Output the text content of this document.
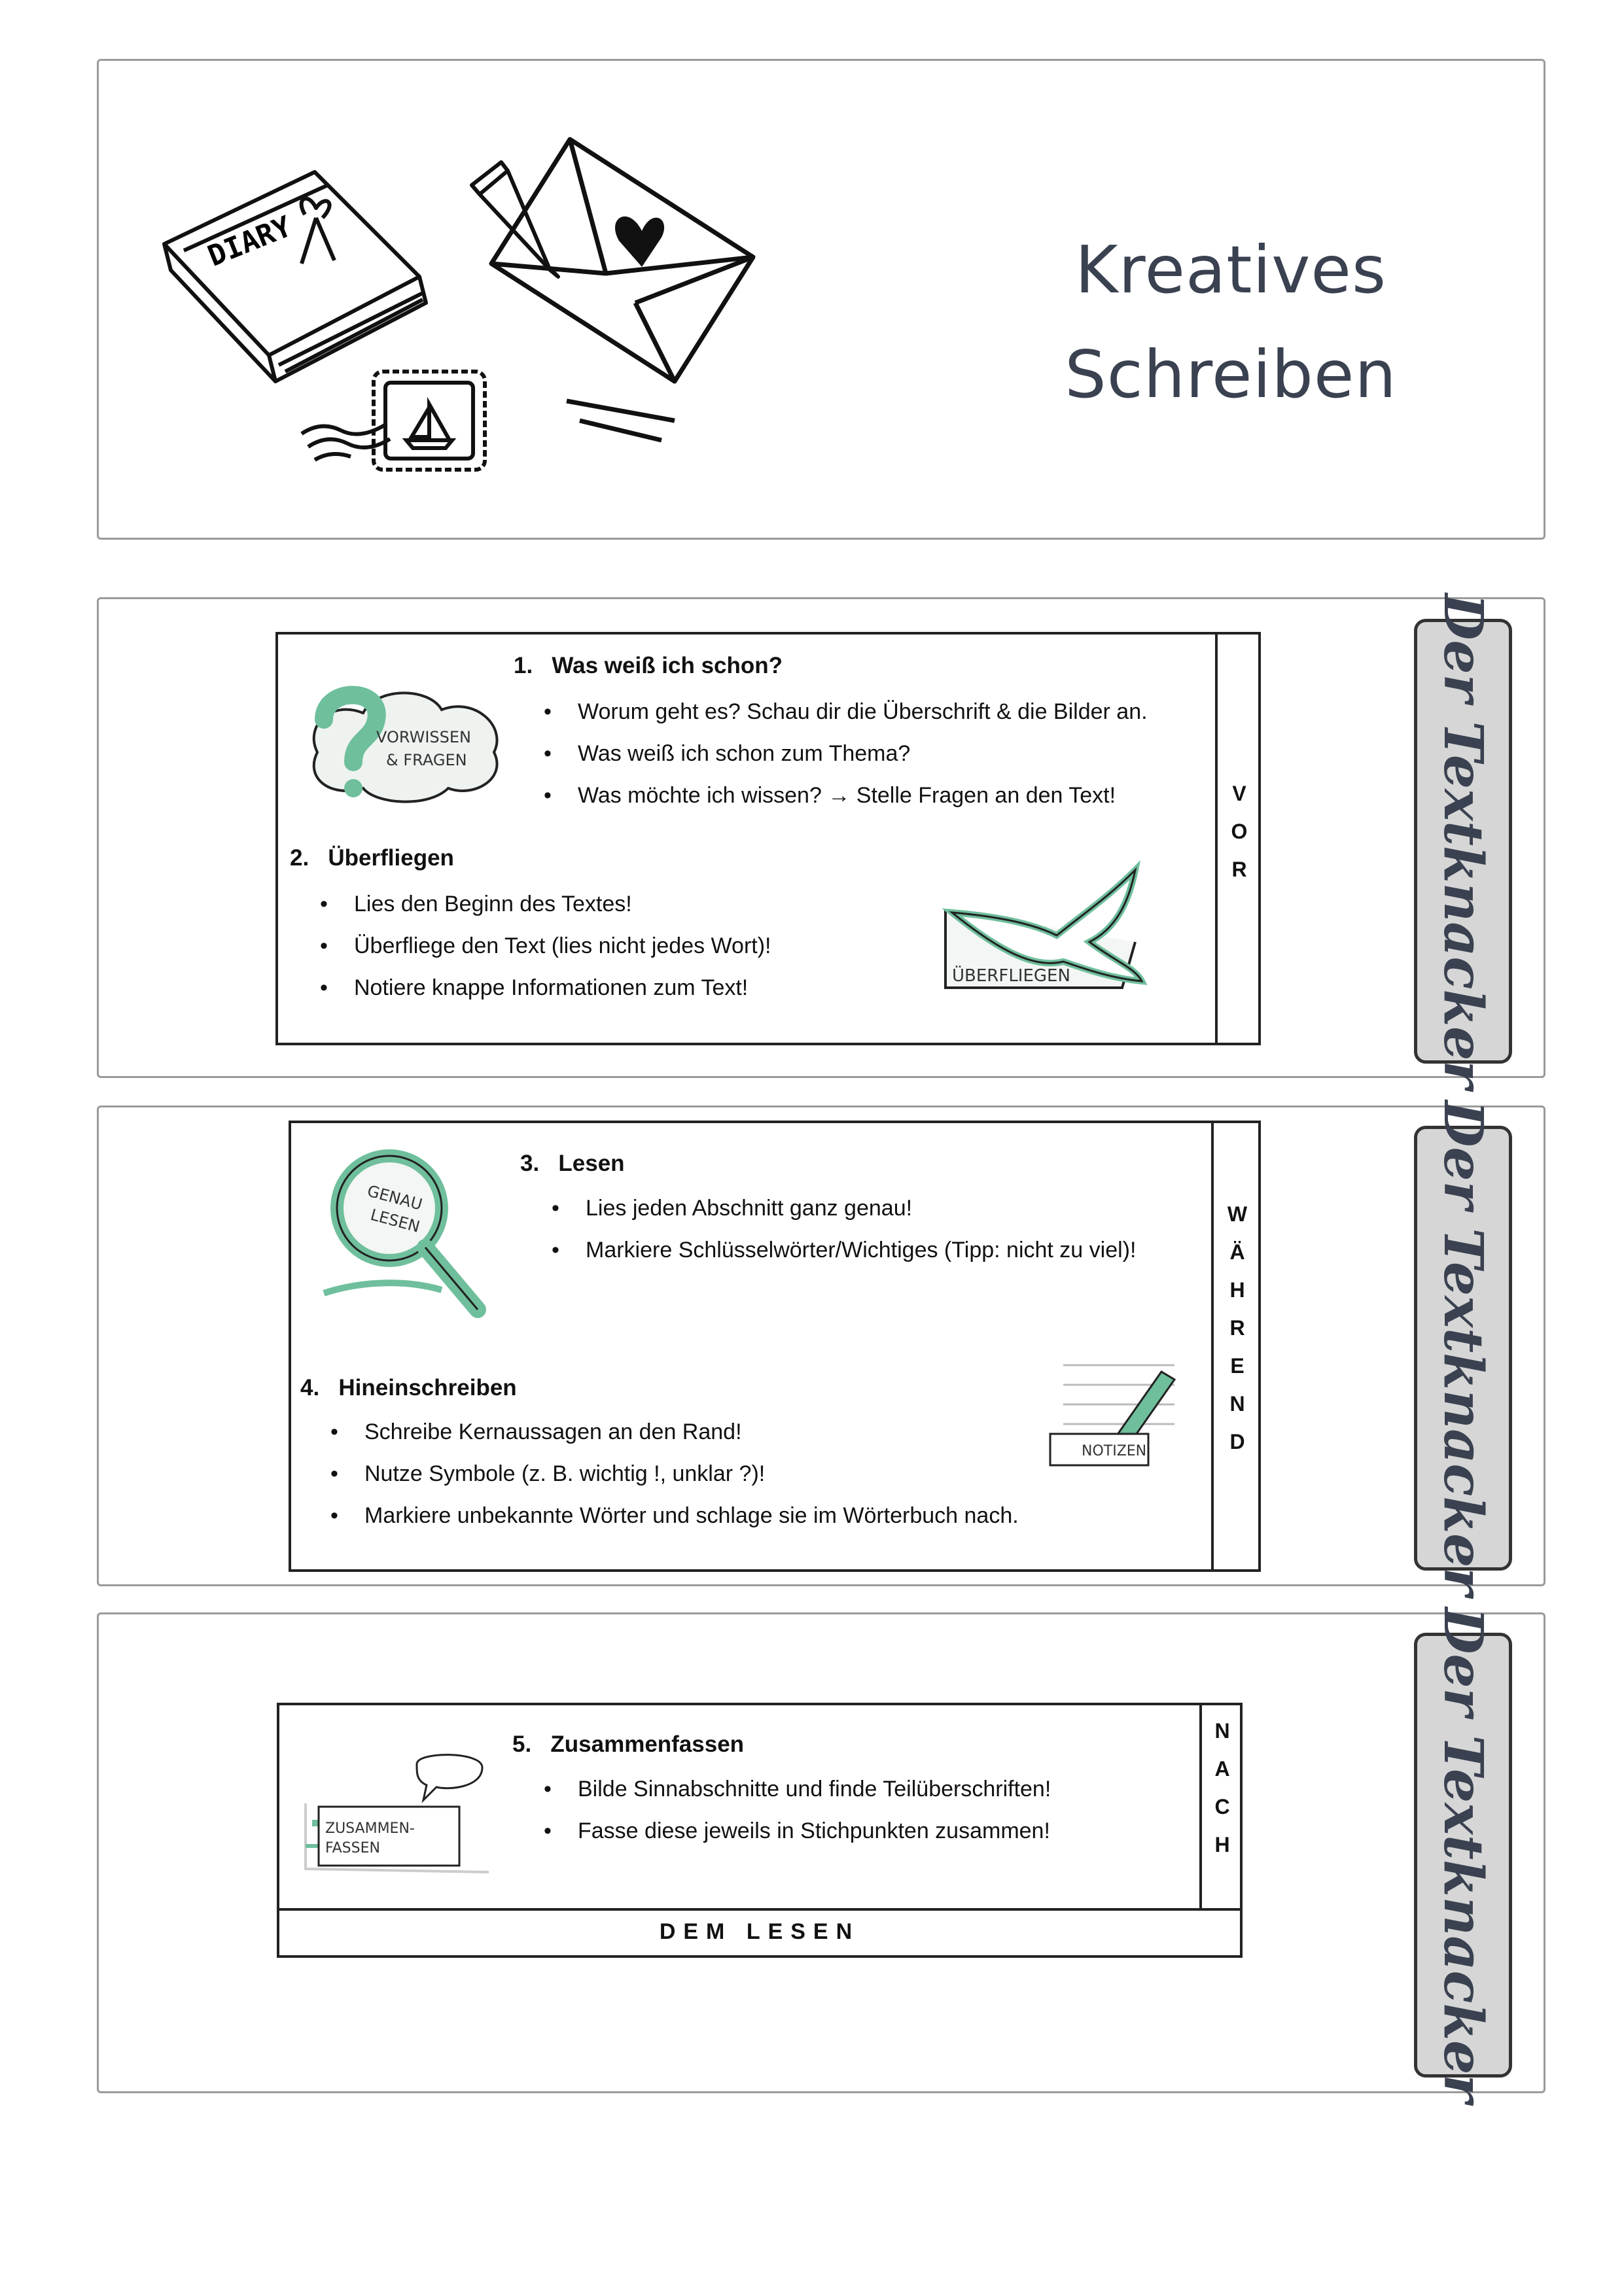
DIARY	Kreatives
Schreiben
VORWISSEN
& FRAGEN
1. Was weiß ich schon?
• Worum geht es? Schau dir die Überschrift & die Bilder an.
• Was weiß ich schon zum Thema?
• Was möchte ich wissen? → Stelle Fragen an den Text!
2. Überfliegen
• Lies den Beginn des Textes!
• Überfliege den Text (lies nicht jedes Wort)!
• Notiere knappe Informationen zum Text!	ÜBERFLIEGEN
V
O
R	Der Textknacker
GENAU
LESEN
3. Lesen
• Lies jeden Abschnitt ganz genau!
• Markiere Schlüsselwörter/Wichtiges (Tipp: nicht zu viel)!
4. Hineinschreiben
• Schreibe Kernaussagen an den Rand!
• Nutze Symbole (z. B. wichtig !, unklar ?)!
• Markiere unbekannte Wörter und schlage sie im Wörterbuch nach.
NOTIZEN
W
Ä
H
R
E
N
D	Der Textknacker
ZUSAMMEN-
FASSEN
5. Zusammenfassen
• Bilde Sinnabschnitte und finde Teilüberschriften!
• Fasse diese jeweils in Stichpunkten zusammen!
N
A
C
H
DEM LESEN	Der Textknacker
